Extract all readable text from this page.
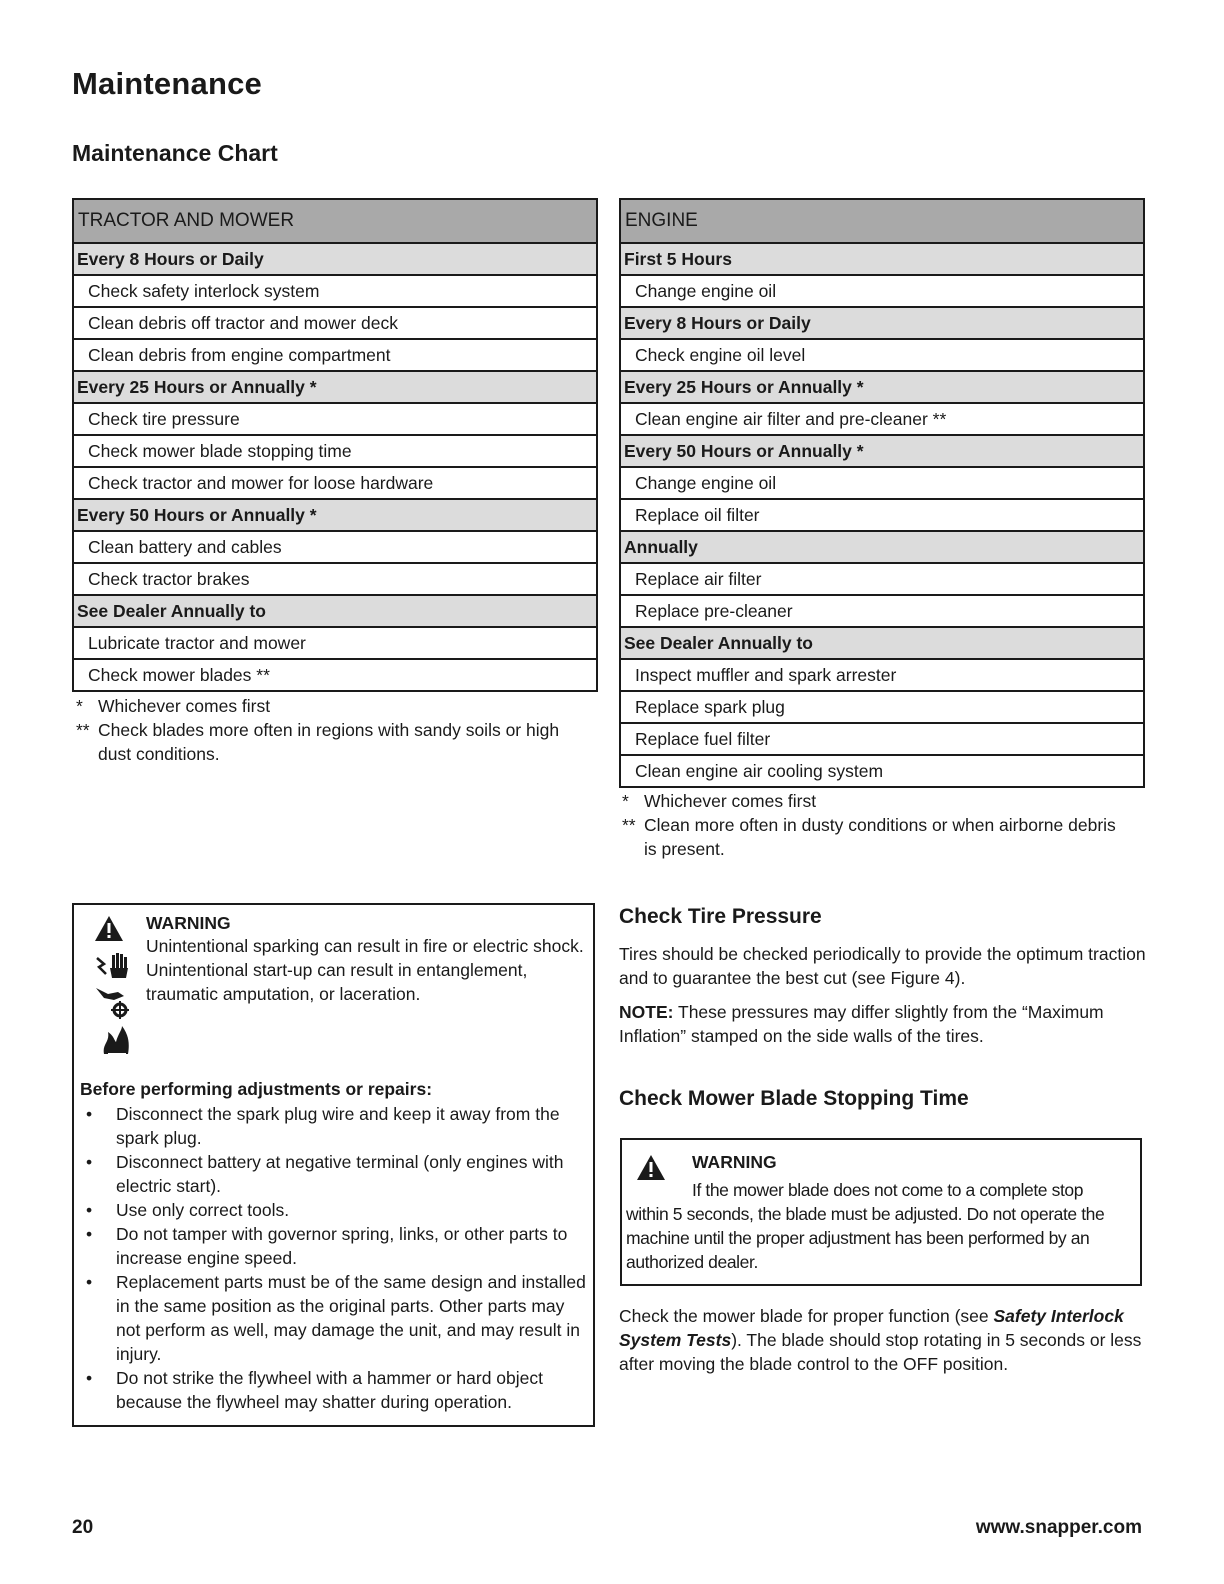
Maintenance
Maintenance Chart
TRACTOR AND MOWER
Every 8 Hours or Daily
Check safety interlock system
Clean debris off tractor and mower deck
Clean debris from engine compartment
Every 25 Hours or Annually *
Check tire pressure
Check mower blade stopping time
Check tractor and mower for loose hardware
Every 50 Hours or Annually *
Clean battery and cables
Check tractor brakes
See Dealer Annually to
Lubricate tractor and mower
Check mower blades **
* Whichever comes first
** Check blades more often in regions with sandy soils or high dust conditions.
ENGINE
First 5 Hours
Change engine oil
Every 8 Hours or Daily
Check engine oil level
Every 25 Hours or Annually *
Clean engine air filter and pre-cleaner **
Every 50 Hours or Annually *
Change engine oil
Replace oil filter
Annually
Replace air filter
Replace pre-cleaner
See Dealer Annually to
Inspect muffler and spark arrester
Replace spark plug
Replace fuel filter
Clean engine air cooling system
* Whichever comes first
** Clean more often in dusty conditions or when airborne debris is present.
WARNING

Unintentional sparking can result in fire or electric shock.

Unintentional start-up can result in entanglement, traumatic amputation, or laceration.

Before performing adjustments or repairs:
•	Disconnect the spark plug wire and keep it away from the spark plug.
•	Disconnect battery at negative terminal (only engines with electric start).
•	Use only correct tools.
•	Do not tamper with governor spring, links, or other parts to increase engine speed.
•	Replacement parts must be of the same design and installed in the same position as the original parts. Other parts may not perform as well, may damage the unit, and may result in injury.
•	Do not strike the flywheel with a hammer or hard object because the flywheel may shatter during operation.
Check Tire Pressure

Tires should be checked periodically to provide the optimum traction and to guarantee the best cut (see Figure 4).

NOTE: These pressures may differ slightly from the “Maximum Inflation” stamped on the side walls of the tires.

Check Mower Blade Stopping Time
WARNING

If the mower blade does not come to a complete stop within 5 seconds, the blade must be adjusted. Do not operate the machine until the proper adjustment has been performed by an authorized dealer.

Check the mower blade for proper function (see Safety Interlock System Tests). The blade should stop rotating in 5 seconds or less after moving the blade control to the OFF position.

20	www.snapper.com
